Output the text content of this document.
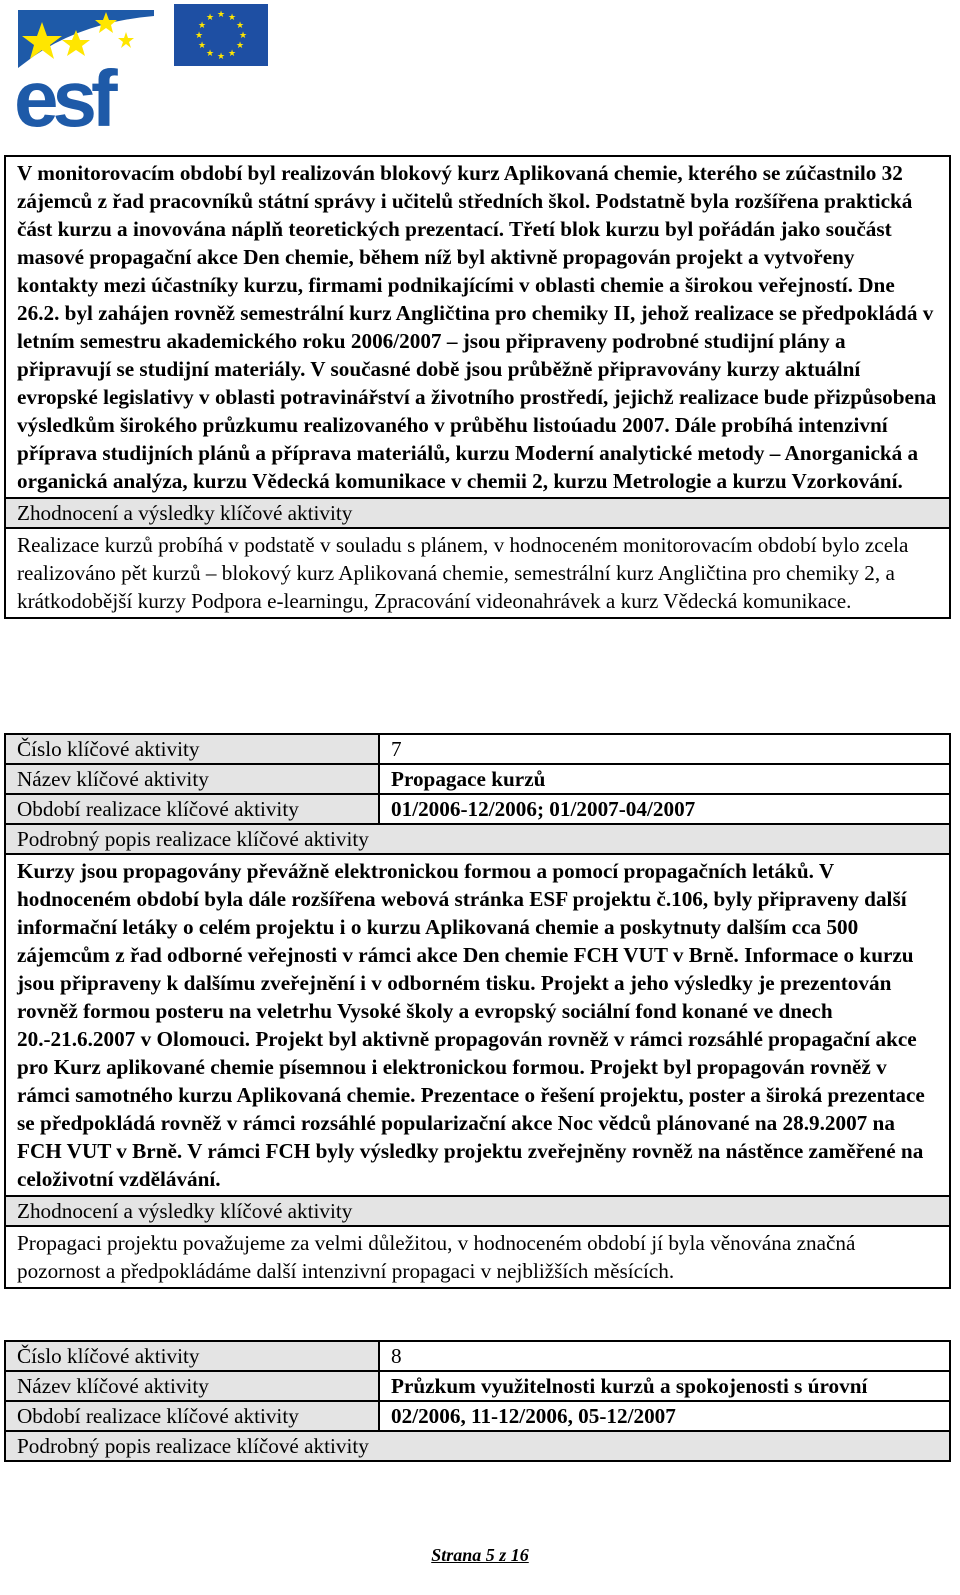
esf
★ ★
★
★
★
★
★
★
★
★
★
★
V monitorovacím období byl realizován blokový kurz Aplikovaná chemie, kterého se zúčastnilo 32 zájemců z řad pracovníků státní správy i učitelů středních škol. Podstatně byla rozšířena praktická část kurzu a inovována náplň teoretických prezentací. Třetí blok kurzu byl pořádán jako součást masové propagační akce Den chemie, během níž byl aktivně propagován projekt a vytvořeny kontakty mezi účastníky kurzu, firmami podnikajícími v oblasti chemie a širokou veřejností. Dne 26.2. byl zahájen rovněž semestrální kurz Angličtina pro chemiky II, jehož realizace se předpokládá v letním semestru akademického roku 2006/2007 – jsou připraveny podrobné studijní plány a připravují se studijní materiály. V současné době jsou průběžně připravovány kurzy aktuální evropské legislativy v oblasti potravinářství a životního prostředí, jejichž realizace bude přizpůsobena výsledkům širokého průzkumu realizovaného v průběhu listoúadu 2007. Dále probíhá intenzivní příprava studijních plánů a příprava materiálů, kurzu Moderní analytické metody – Anorganická a organická analýza, kurzu Vědecká komunikace v chemii 2, kurzu Metrologie a kurzu Vzorkování.
Zhodnocení a výsledky klíčové aktivity
Realizace kurzů probíhá v podstatě v souladu s plánem, v hodnoceném monitorovacím období bylo zcela realizováno pět kurzů – blokový kurz Aplikovaná chemie, semestrální kurz Angličtina pro chemiky 2, a krátkodobější kurzy Podpora e-learningu, Zpracování videonahrávek a kurz Vědecká komunikace.
Číslo klíčové aktivity	7
Název klíčové aktivity	Propagace kurzů
Období realizace klíčové aktivity	01/2006-12/2006; 01/2007-04/2007
Podrobný popis realizace klíčové aktivity	
Kurzy jsou propagovány převážně elektronickou formou a pomocí propagačních letáků. V hodnoceném období byla dále rozšířena webová stránka ESF projektu č.106, byly připraveny další informační letáky o celém projektu i o kurzu Aplikovaná chemie a poskytnuty dalším cca 500 zájemcům z řad odborné veřejnosti v rámci akce Den chemie FCH VUT v Brně. Informace o kurzu jsou připraveny k dalšímu zveřejnění i v odborném tisku. Projekt a jeho výsledky je prezentován rovněž formou posteru na veletrhu Vysoké školy a evropský sociální fond konané ve dnech 20.-21.6.2007 v Olomouci. Projekt byl aktivně propagován rovněž v rámci rozsáhlé propagační akce pro Kurz aplikované chemie písemnou i elektronickou formou. Projekt byl propagován rovněž v rámci samotného kurzu Aplikovaná chemie. Prezentace o řešení projektu, poster a široká prezentace se předpokládá rovněž v rámci rozsáhlé popularizační akce Noc vědců plánované na 28.9.2007 na FCH VUT v Brně. V rámci FCH byly výsledky projektu zveřejněny rovněž na nástěnce zaměřené na celoživotní vzdělávání.	
Zhodnocení a výsledky klíčové aktivity	
Propagaci projektu považujeme za velmi důležitou, v hodnoceném období jí byla věnována značná pozornost a předpokládáme další intenzivní propagaci v nejbližších měsících.	
Číslo klíčové aktivity	8
Název klíčové aktivity	Průzkum využitelnosti kurzů a spokojenosti s úrovní
Období realizace klíčové aktivity	02/2006, 11-12/2006, 05-12/2007
Podrobný popis realizace klíčové aktivity	
Strana 5 z 16
